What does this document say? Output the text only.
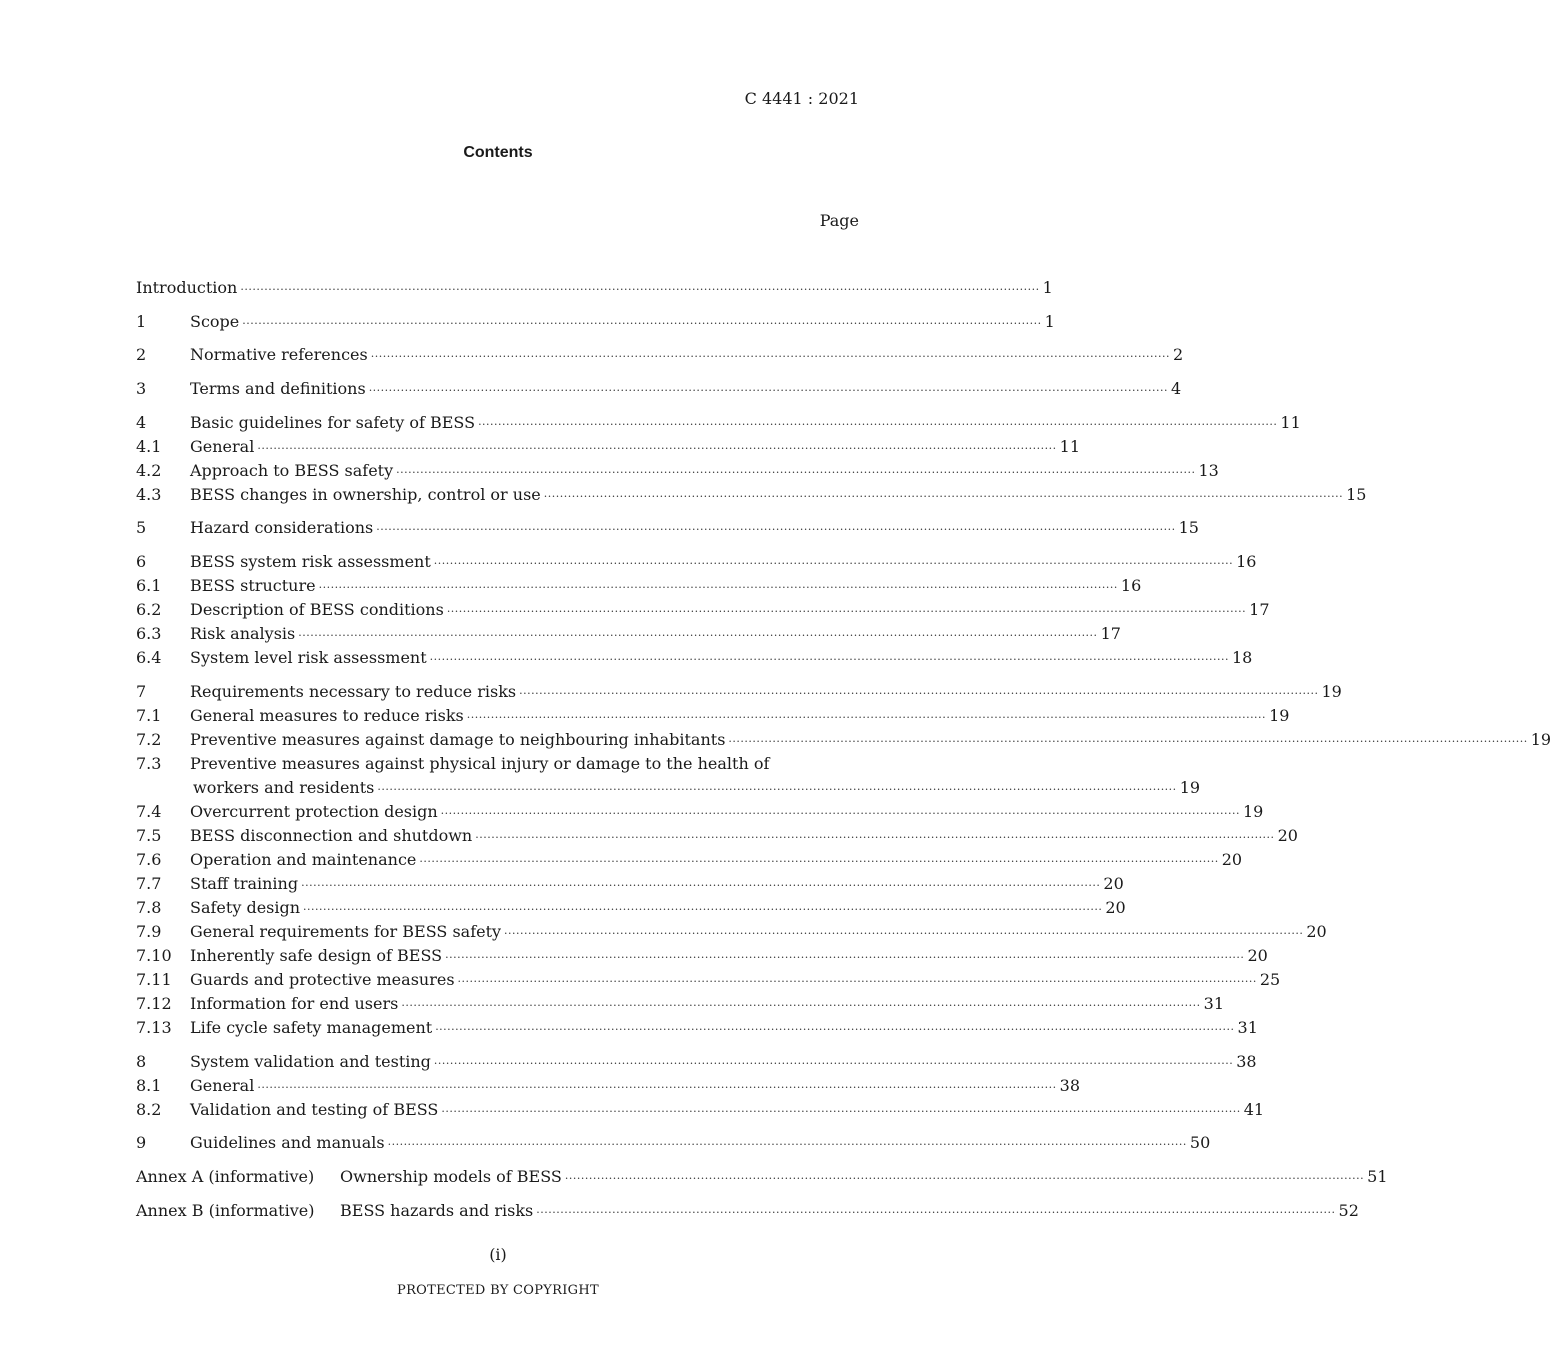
C 4441 : 2021
Contents
Page
Introduction ········································································································································································································ 1
1	Scope ········································································································································································································ 1
2	Normative references ········································································································································································································ 2
3	Terms and definitions ········································································································································································································ 4
4	Basic guidelines for safety of BESS ········································································································································································································ 11
4.1	General ········································································································································································································ 11
4.2	Approach to BESS safety ········································································································································································································ 13
4.3	BESS changes in ownership, control or use ········································································································································································································ 15
5	Hazard considerations ········································································································································································································ 15
6	BESS system risk assessment ········································································································································································································ 16
6.1	BESS structure ········································································································································································································ 16
6.2	Description of BESS conditions ········································································································································································································ 17
6.3	Risk analysis ········································································································································································································ 17
6.4	System level risk assessment ········································································································································································································ 18
7	Requirements necessary to reduce risks ········································································································································································································ 19
7.1	General measures to reduce risks ········································································································································································································ 19
7.2	Preventive measures against damage to neighbouring inhabitants ········································································································································································································ 19
7.3	Preventive measures against physical injury or damage to the health of
workers and residents ········································································································································································································ 19
7.4	Overcurrent protection design ········································································································································································································ 19
7.5	BESS disconnection and shutdown ········································································································································································································ 20
7.6	Operation and maintenance ········································································································································································································ 20
7.7	Staff training ········································································································································································································ 20
7.8	Safety design ········································································································································································································ 20
7.9	General requirements for BESS safety ········································································································································································································ 20
7.10	Inherently safe design of BESS ········································································································································································································ 20
7.11	Guards and protective measures ········································································································································································································ 25
7.12	Information for end users ········································································································································································································ 31
7.13	Life cycle safety management ········································································································································································································ 31
8	System validation and testing ········································································································································································································ 38
8.1	General ········································································································································································································ 38
8.2	Validation and testing of BESS ········································································································································································································ 41
9	Guidelines and manuals ········································································································································································································ 50
Annex A (informative)	Ownership models of BESS ········································································································································································································ 51
Annex B (informative)	BESS hazards and risks ········································································································································································································ 52
(i)
PROTECTED BY COPYRIGHT
